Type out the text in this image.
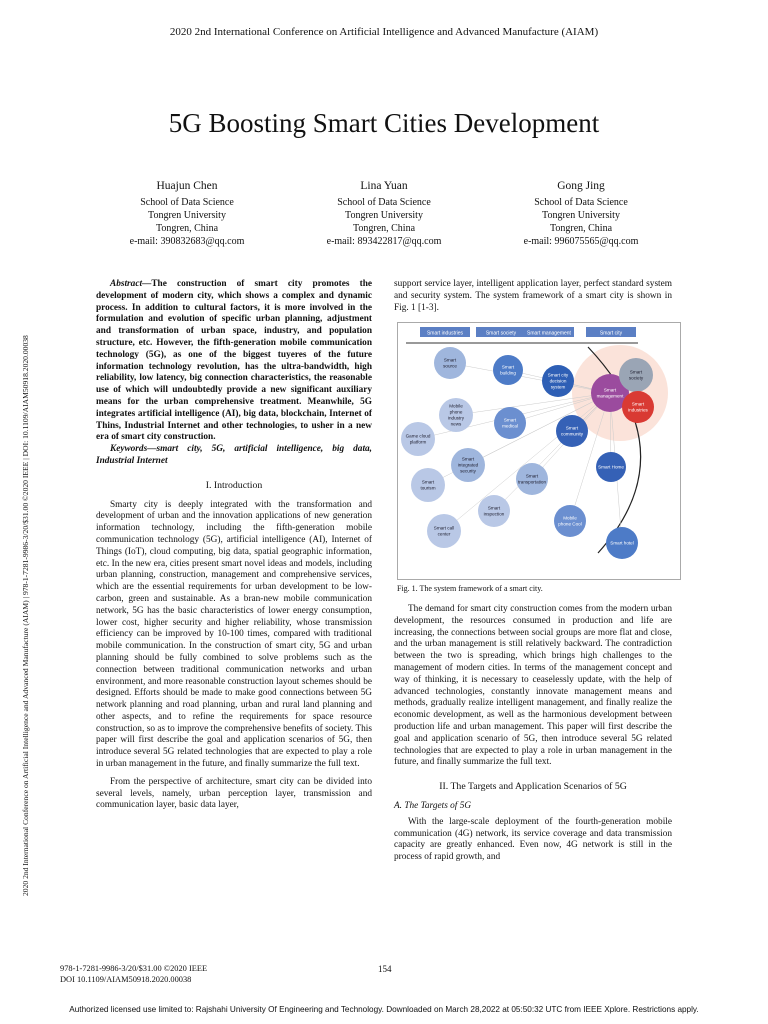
2020 2nd International Conference on Artificial Intelligence and Advanced Manufacture (AIAM)
2020 2nd International Conference on Artificial Intelligence and Advanced Manufacture (AIAM) | 978-1-7281-9986-3/20/$31.00 ©2020 IEEE | DOI: 10.1109/AIAM50918.2020.00038
5G Boosting Smart Cities Development
Huajun Chen
School of Data Science
Tongren University
Tongren, China
e-mail: 390832683@qq.com
Lina Yuan
School of Data Science
Tongren University
Tongren, China
e-mail: 893422817@qq.com
Gong Jing
School of Data Science
Tongren University
Tongren, China
e-mail: 996075565@qq.com

Abstract—The construction of smart city promotes the development of modern city, which shows a complex and dynamic process. In addition to cultural factors, it is more involved in the formulation and evolution of specific urban planning, adjustment and transformation of urban space, industry, and population structure, etc. However, the fifth-generation mobile communication technology (5G), as one of the biggest tuyeres of the future information technology revolution, has the ultra-bandwidth, high reliability, low latency, big connection characteristics, the reasonable use of which will undoubtedly provide a new significant auxiliary means for the urban comprehensive treatment. Meanwhile, 5G integrates artificial intelligence (AI), big data, blockchain, Internet of Thins, Industrial Internet and other technologies, to usher in a new era of smart city construction.

Keywords—smart city, 5G, artificial intelligence, big data, Industrial Internet

I. Introduction

Smarty city is deeply integrated with the transformation and development of urban and the innovation applications of new generation information technology, including the fifth-generation mobile communication technology (5G), artificial intelligence (AI), Internet of Things (IoT), cloud computing, big data, spatial geographic information, etc. In the new era, cities present smart novel ideas and models, including urban planning, construction, management and comprehensive services, which are the essential requirements for urban development to be low-carbon, green and sustainable. As a bran-new mobile communication network, 5G has the basic characteristics of lower energy consumption, lower cost, higher security and higher reliability, whose transmission efficiency can be improved by 10-100 times, compared with traditional mobile communication. In the construction of smart city, 5G and urban planning should be fully combined to solve problems such as the connection between traditional communication networks and urban environment, and more reasonable construction layout schemes should be designed. Efforts should be made to make good connections between 5G network planning and road planning, urban and rural land planning and other aspects, and to refine the requirements for space resource construction, so as to improve the comprehensive benefits of society. This paper will first describe the goal and application scenarios of 5G, then introduce several 5G related technologies that are expected to play a role in urban management in the future, and finally summarize the full text.

From the perspective of architecture, smart city can be divided into several levels, namely, urban perception layer, transmission and communication layer, basic data layer,

support service layer, intelligent application layer, perfect standard system and security system. The system framework of a smart city is shown in Fig. 1 [1-3].

Smart industries	Smart society Smart management	Smart city
Smart source	Smart building	Smart city decision system
Smart management
Smart society
Smart industries
Mobile phone industry news
Smart medical
Game cloud platform
Smart community
Smart integrated security
Smart Home
Smart tourism
Smart transportation
Smart inspection
Smart call center
Mobile phone Cool
Smart hotel
Fig. 1. The system framework of a smart city.

The demand for smart city construction comes from the modern urban development, the resources consumed in production and life are increasing, the connections between social groups are more flat and close, and the urban management is still relatively backward. The contradiction between the two is spreading, which brings high challenges to the management of modern cities. In terms of the management concept and way of thinking, it is necessary to ceaselessly update, with the help of advanced technologies, constantly innovate management means and methods, gradually realize intelligent management, and finally realize the economic development, as well as the harmonious development between production life and urban management. This paper will first describe the goal and application scenario of 5G, then introduce several 5G related technologies that are expected to play a role in urban management in the future, and finally summarize the full text.

II. The Targets and Application Scenarios of 5G
A. The Targets of 5G

With the large-scale deployment of the fourth-generation mobile communication (4G) network, its service coverage and data transmission capacity are greatly enhanced. Even now, 4G network is still in the process of rapid growth, and

978-1-7281-9986-3/20/$31.00 ©2020 IEEE
DOI 10.1109/AIAM50918.2020.00038
154
Authorized licensed use limited to: Rajshahi University Of Engineering and Technology. Downloaded on March 28,2022 at 05:50:32 UTC from IEEE Xplore. Restrictions apply.
